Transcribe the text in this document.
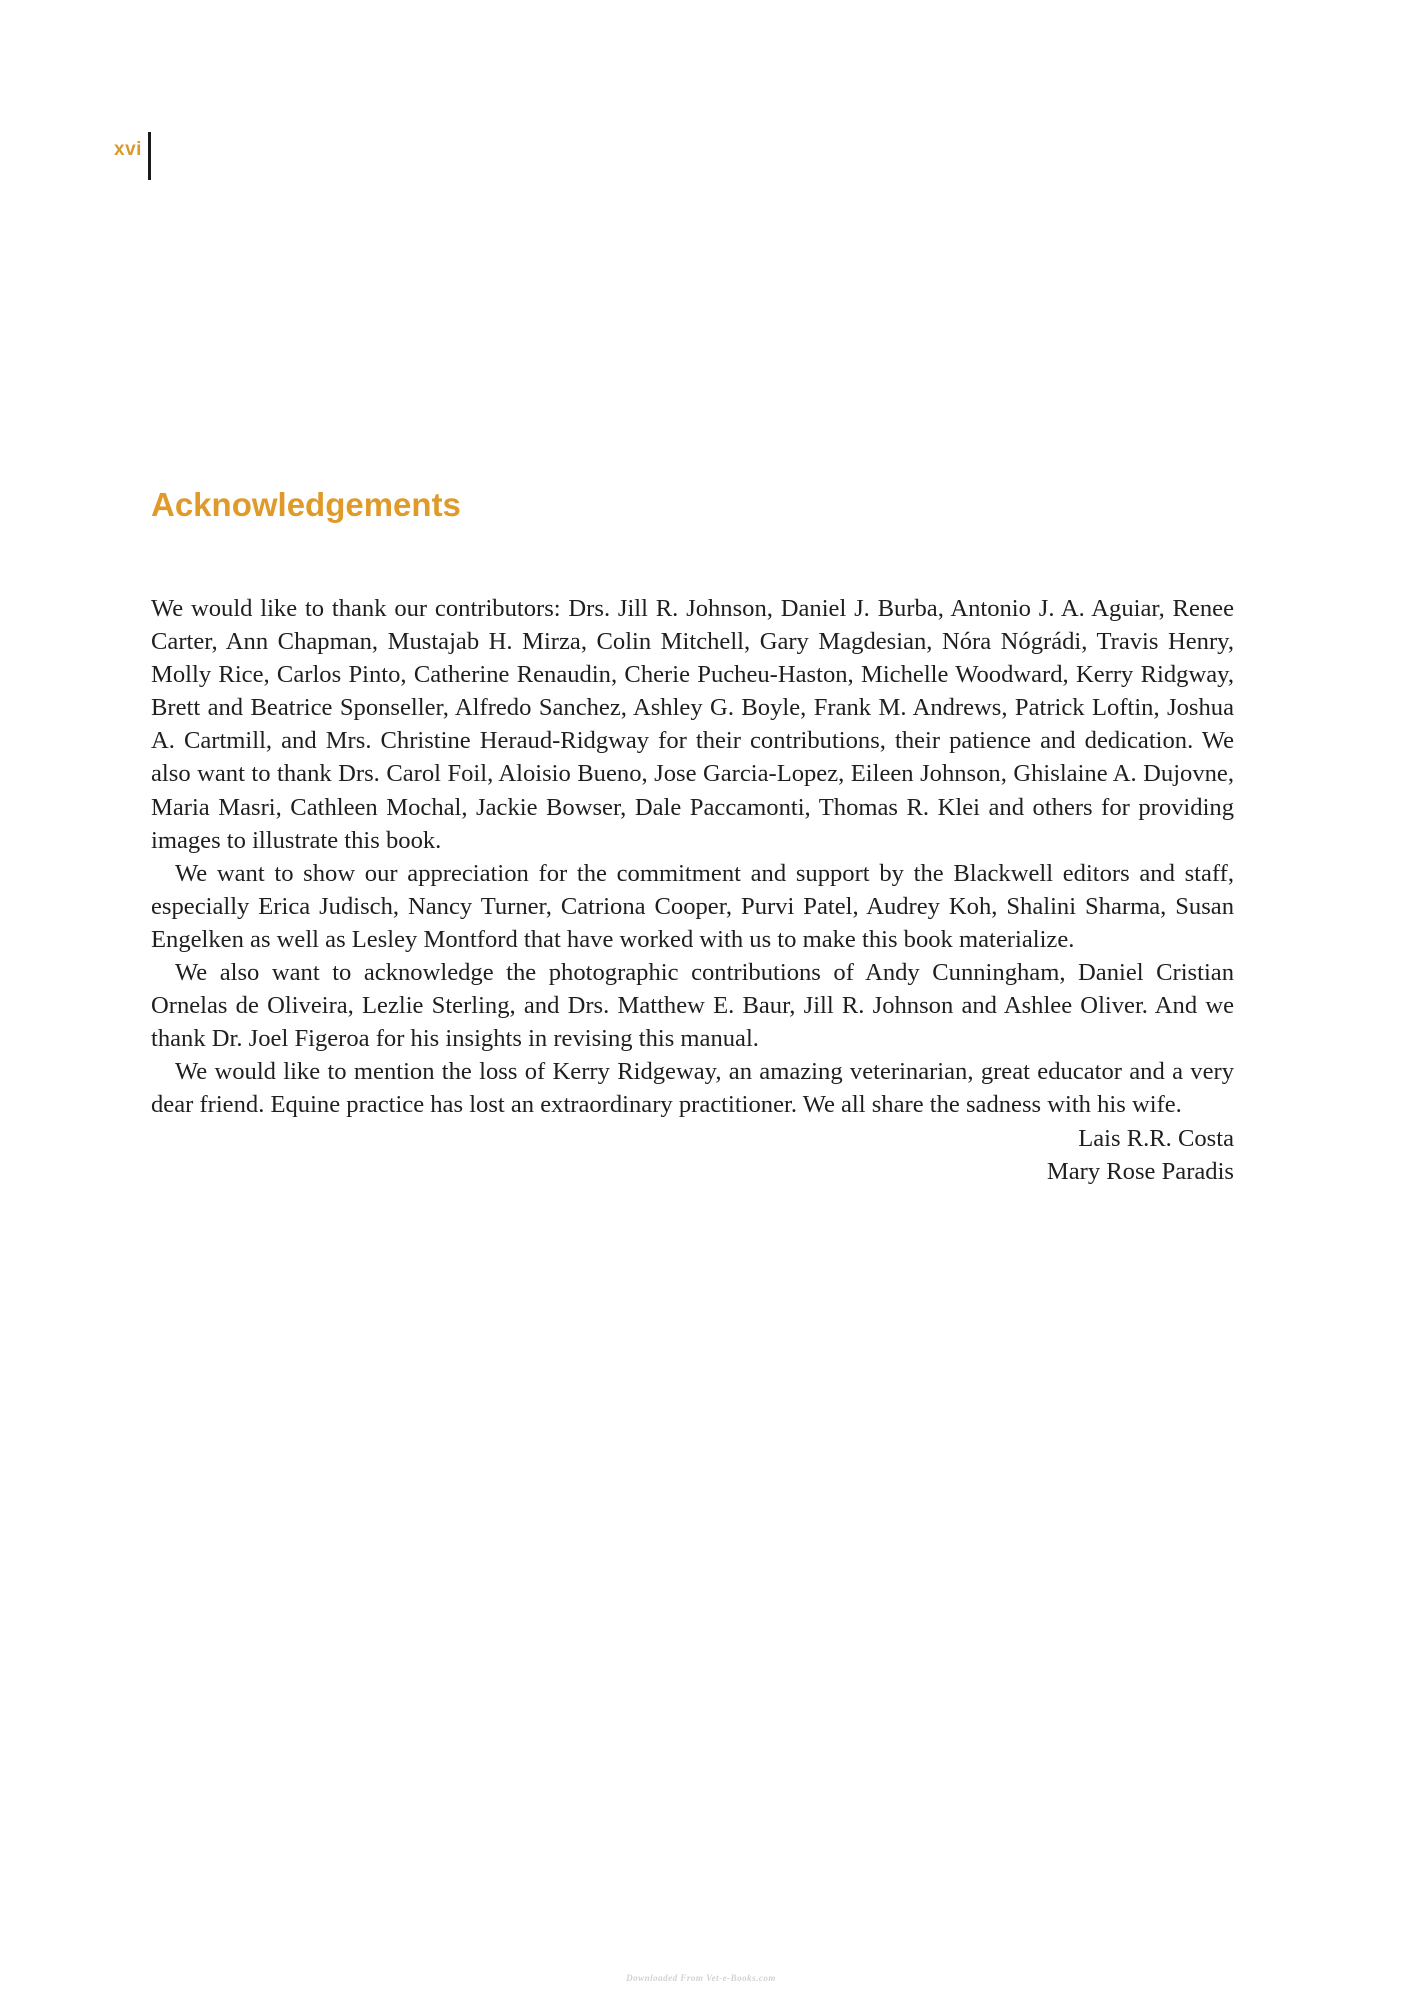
xvi
Acknowledgements

We would like to thank our contributors: Drs. Jill R. Johnson, Daniel J. Burba, Antonio J. A. Aguiar, Renee Carter, Ann Chapman, Mustajab H. Mirza, Colin Mitchell, Gary Magdesian, Nóra Nógrádi, Travis Henry, Molly Rice, Carlos Pinto, Catherine Renaudin, Cherie Pucheu-Haston, Michelle Woodward, Kerry Ridgway, Brett and Beatrice Sponseller, Alfredo Sanchez, Ashley G. Boyle, Frank M. Andrews, Patrick Loftin, Joshua A. Cartmill, and Mrs. Christine Heraud-Ridgway for their contributions, their patience and dedication. We also want to thank Drs. Carol Foil, Aloisio Bueno, Jose Garcia-Lopez, Eileen Johnson, Ghislaine A. Dujovne, Maria Masri, Cathleen Mochal, Jackie Bowser, Dale Paccamonti, Thomas R. Klei and others for providing images to illustrate this book.

We want to show our appreciation for the commitment and support by the Blackwell editors and staff, especially Erica Judisch, Nancy Turner, Catriona Cooper, Purvi Patel, Audrey Koh, Shalini Sharma, Susan Engelken as well as Lesley Montford that have worked with us to make this book materialize.

We also want to acknowledge the photographic contributions of Andy Cunningham, Daniel Cristian Ornelas de Oliveira, Lezlie Sterling, and Drs. Matthew E. Baur, Jill R. Johnson and Ashlee Oliver. And we thank Dr. Joel Figeroa for his insights in revising this manual.

We would like to mention the loss of Kerry Ridgeway, an amazing veterinarian, great educator and a very dear friend. Equine practice has lost an extraordinary practitioner. We all share the sadness with his wife.

Lais R.R. Costa
Mary Rose Paradis
Downloaded From Vet-e-Books.com
